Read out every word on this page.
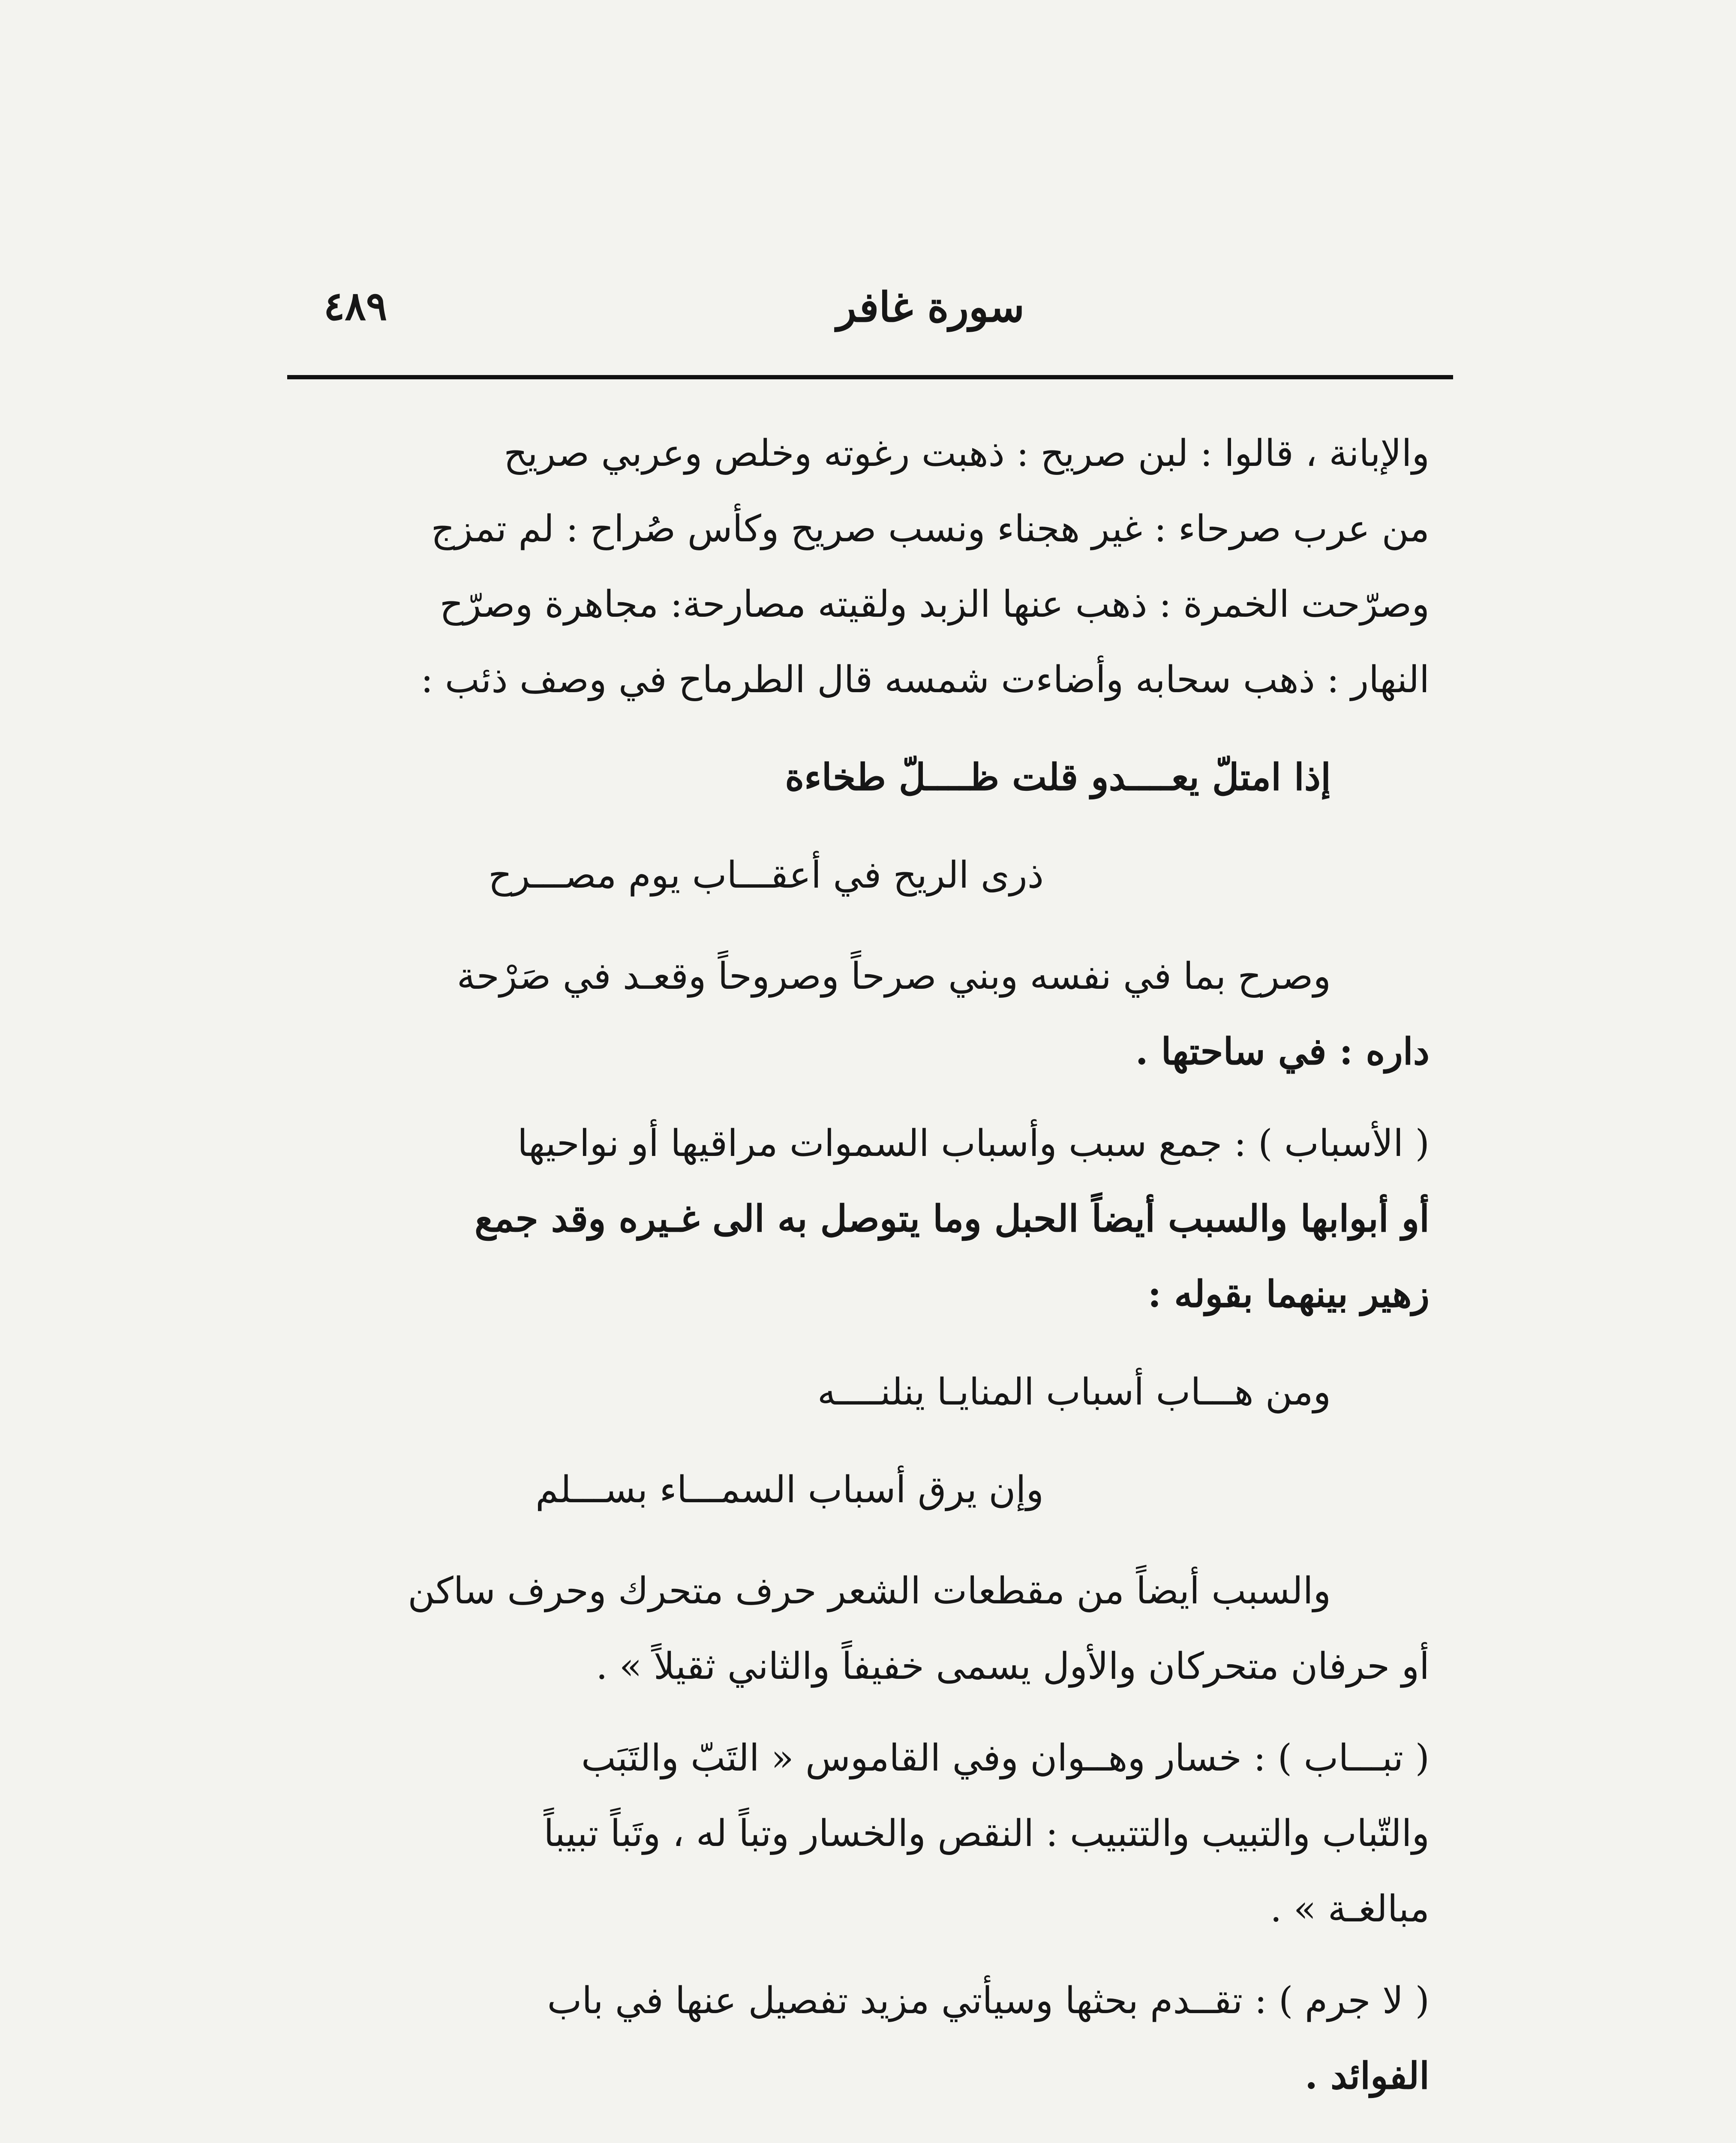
سورة غافر
٤٨٩

والإبانة ، قالوا : لبن صريح : ذهبت رغوته وخلص وعربي صريح
من عرب صرحاء : غير هجناء ونسب صريح وكأس صُراح : لم تمزج
وصرّحت الخمرة : ذهب عنها الزبد ولقيته مصارحة: مجاهرة وصرّح
النهار : ذهب سحابه وأضاءت شمسه قال الطرماح في وصف ذئب :

إذا امتلّ يعــــدو قلت ظــــلّ طخاءة
ذرى الريح في أعقـــاب يوم مصـــرح

وصرح بما في نفسه وبني صرحاً وصروحاً وقعـد في صَرْحة
داره : في ساحتها .

( الأسباب ) : جمع سبب وأسباب السموات مراقيها أو نواحيها
أو أبوابها والسبب أيضاً الحبل وما يتوصل به الى غـيره وقد جمع
زهير بينهما بقوله :

ومن هـــاب أسباب المنايـا ينلنــــه
وإن يرق أسباب السمـــاء بســـلم

والسبب أيضاً من مقطعات الشعر حرف متحرك وحرف ساكن
أو حرفان متحركان والأول يسمى خفيفاً والثاني ثقيلاً » .

( تبـــاب ) : خسار وهــوان وفي القاموس « التَبّ والتَبَب
والتّباب والتبيب والتتبيب : النقص والخسار وتباً له ، وتَباً تبيباً
مبالغـة » .

( لا جرم ) : تقــدم بحثها وسيأتي مزيد تفصيل عنها في باب
الفوائد .
